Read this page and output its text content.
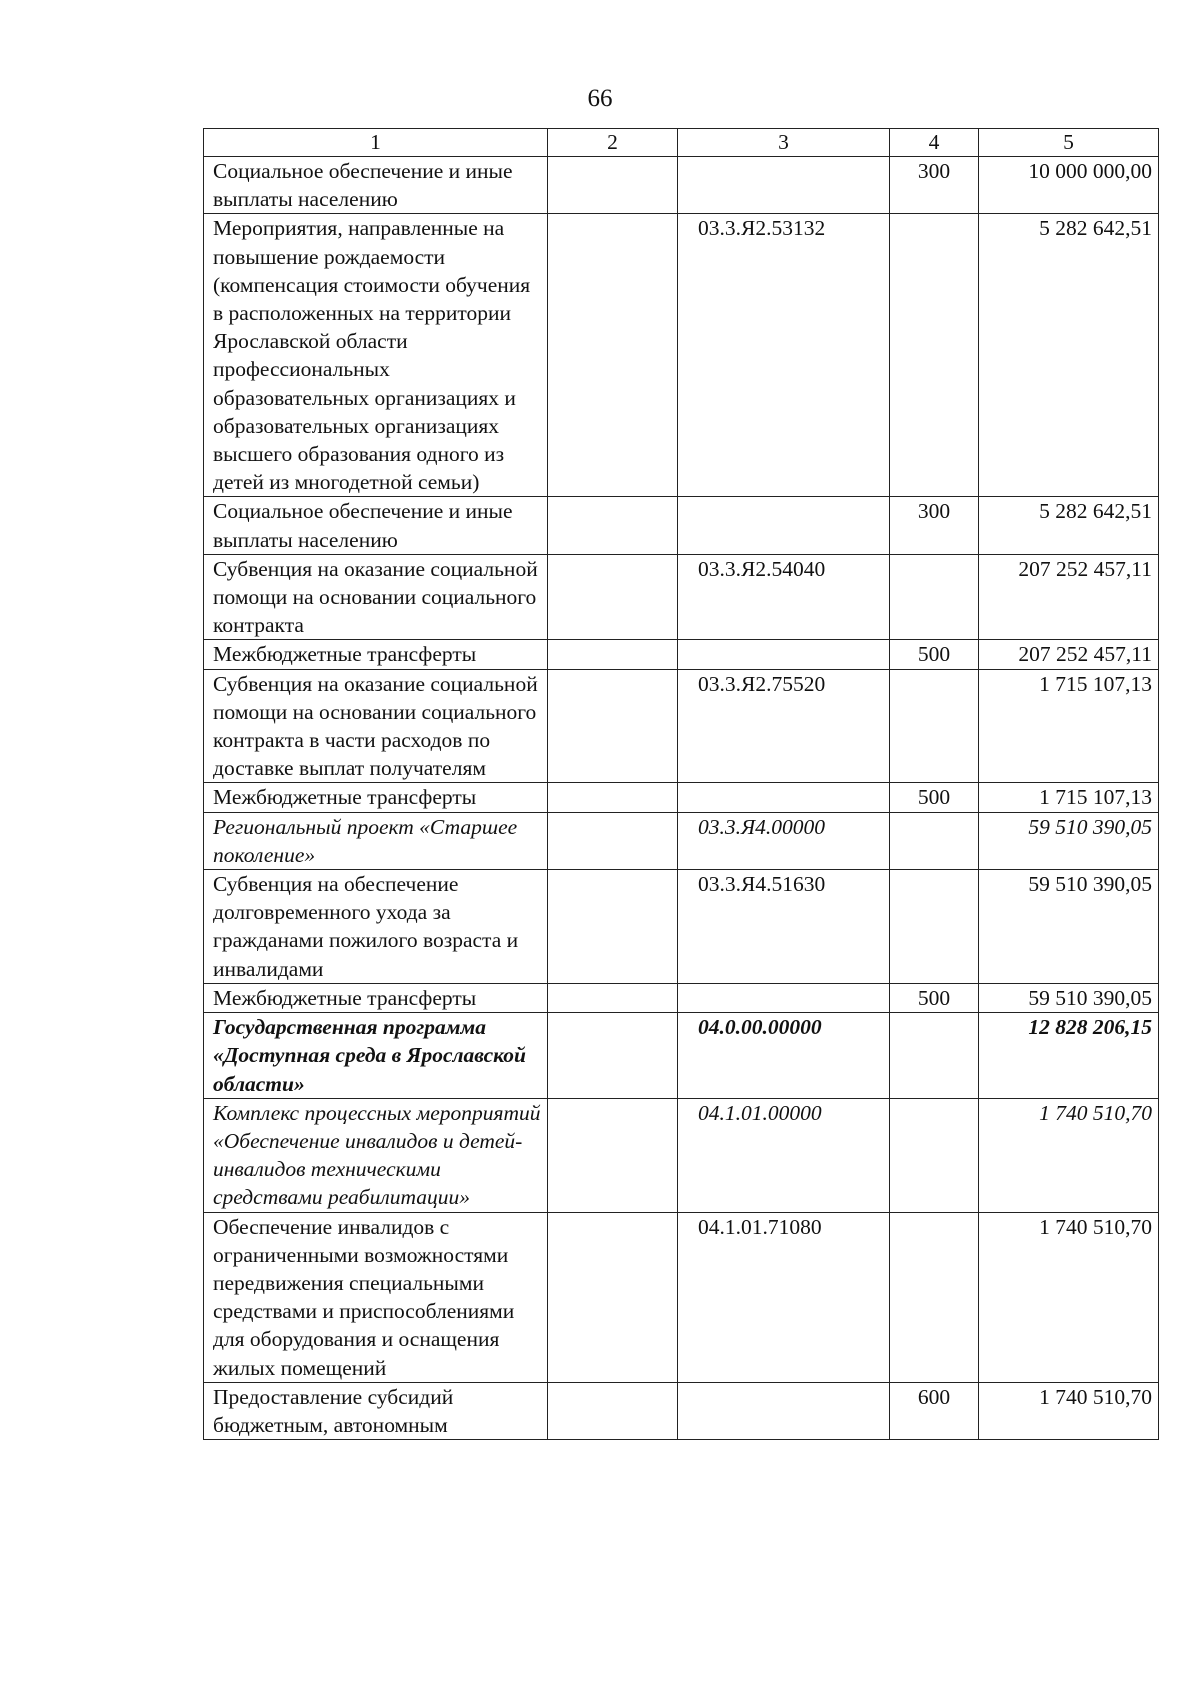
66
1	2	3	4	5
Социальное обеспечение и иные выплаты населению			300	10 000 000,00
Мероприятия, направленные на повышение рождаемости (компенсация стоимости обучения в расположенных на территории Ярославской области профессиональных образовательных организациях и образовательных организациях высшего образования одного из детей из многодетной семьи)		03.3.Я2.53132		5 282 642,51
Социальное обеспечение и иные выплаты населению			300	5 282 642,51
Субвенция на оказание социальной помощи на основании социального контракта		03.3.Я2.54040		207 252 457,11
Межбюджетные трансферты			500	207 252 457,11
Субвенция на оказание социальной помощи на основании социального контракта в части расходов по доставке выплат получателям		03.3.Я2.75520		1 715 107,13
Межбюджетные трансферты			500	1 715 107,13
Региональный проект «Старшее поколение»		03.3.Я4.00000		59 510 390,05
Субвенция на обеспечение долговременного ухода за гражданами пожилого возраста и инвалидами		03.3.Я4.51630		59 510 390,05
Межбюджетные трансферты			500	59 510 390,05
Государственная программа «Доступная среда в Ярославской области»		04.0.00.00000		12 828 206,15
Комплекс процессных мероприятий «Обеспечение инвалидов и детей-инвалидов техническими средствами реабилитации»		04.1.01.00000		1 740 510,70
Обеспечение инвалидов с ограниченными возможностями передвижения специальными средствами и приспособлениями для оборудования и оснащения жилых помещений		04.1.01.71080		1 740 510,70
Предоставление субсидий бюджетным, автономным			600	1 740 510,70
